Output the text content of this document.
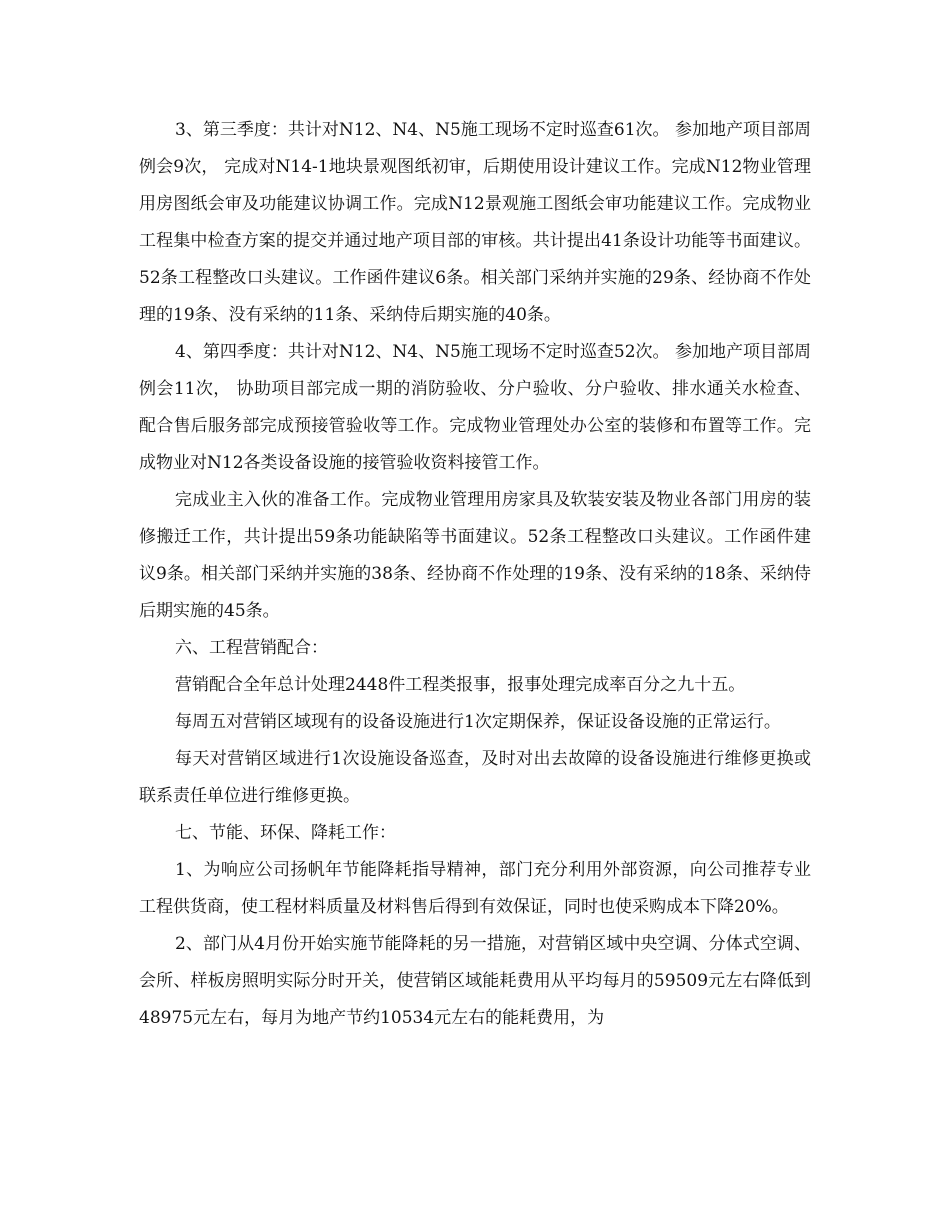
3、第三季度：共计对N12、N4、N5施工现场不定时巡查61次。 参加地产项目部周例会9次， 完成对N14-1地块景观图纸初审，后期使用设计建议工作。完成N12物业管理用房图纸会审及功能建议协调工作。完成N12景观施工图纸会审功能建议工作。完成物业工程集中检查方案的提交并通过地产项目部的审核。共计提出41条设计功能等书面建议。52条工程整改口头建议。工作函件建议6条。相关部门采纳并实施的29条、经协商不作处理的19条、没有采纳的11条、采纳侍后期实施的40条。

4、第四季度：共计对N12、N4、N5施工现场不定时巡查52次。 参加地产项目部周例会11次， 协助项目部完成一期的消防验收、分户验收、分户验收、排水通关水检查、配合售后服务部完成预接管验收等工作。完成物业管理处办公室的装修和布置等工作。完成物业对N12各类设备设施的接管验收资料接管工作。

完成业主入伙的准备工作。完成物业管理用房家具及软装安装及物业各部门用房的装修搬迁工作，共计提出59条功能缺陷等书面建议。52条工程整改口头建议。工作函件建议9条。相关部门采纳并实施的38条、经协商不作处理的19条、没有采纳的18条、采纳侍后期实施的45条。

六、工程营销配合：

营销配合全年总计处理2448件工程类报事，报事处理完成率百分之九十五。

每周五对营销区域现有的设备设施进行1次定期保养，保证设备设施的正常运行。

每天对营销区域进行1次设施设备巡查，及时对出去故障的设备设施进行维修更换或联系责任单位进行维修更换。

七、节能、环保、降耗工作：

1、为响应公司扬帆年节能降耗指导精神，部门充分利用外部资源，向公司推荐专业工程供货商，使工程材料质量及材料售后得到有效保证，同时也使采购成本下降20%。

2、部门从4月份开始实施节能降耗的另一措施，对营销区域中央空调、分体式空调、会所、样板房照明实际分时开关，使营销区域能耗费用从平均每月的59509元左右降低到48975元左右，每月为地产节约10534元左右的能耗费用，为
